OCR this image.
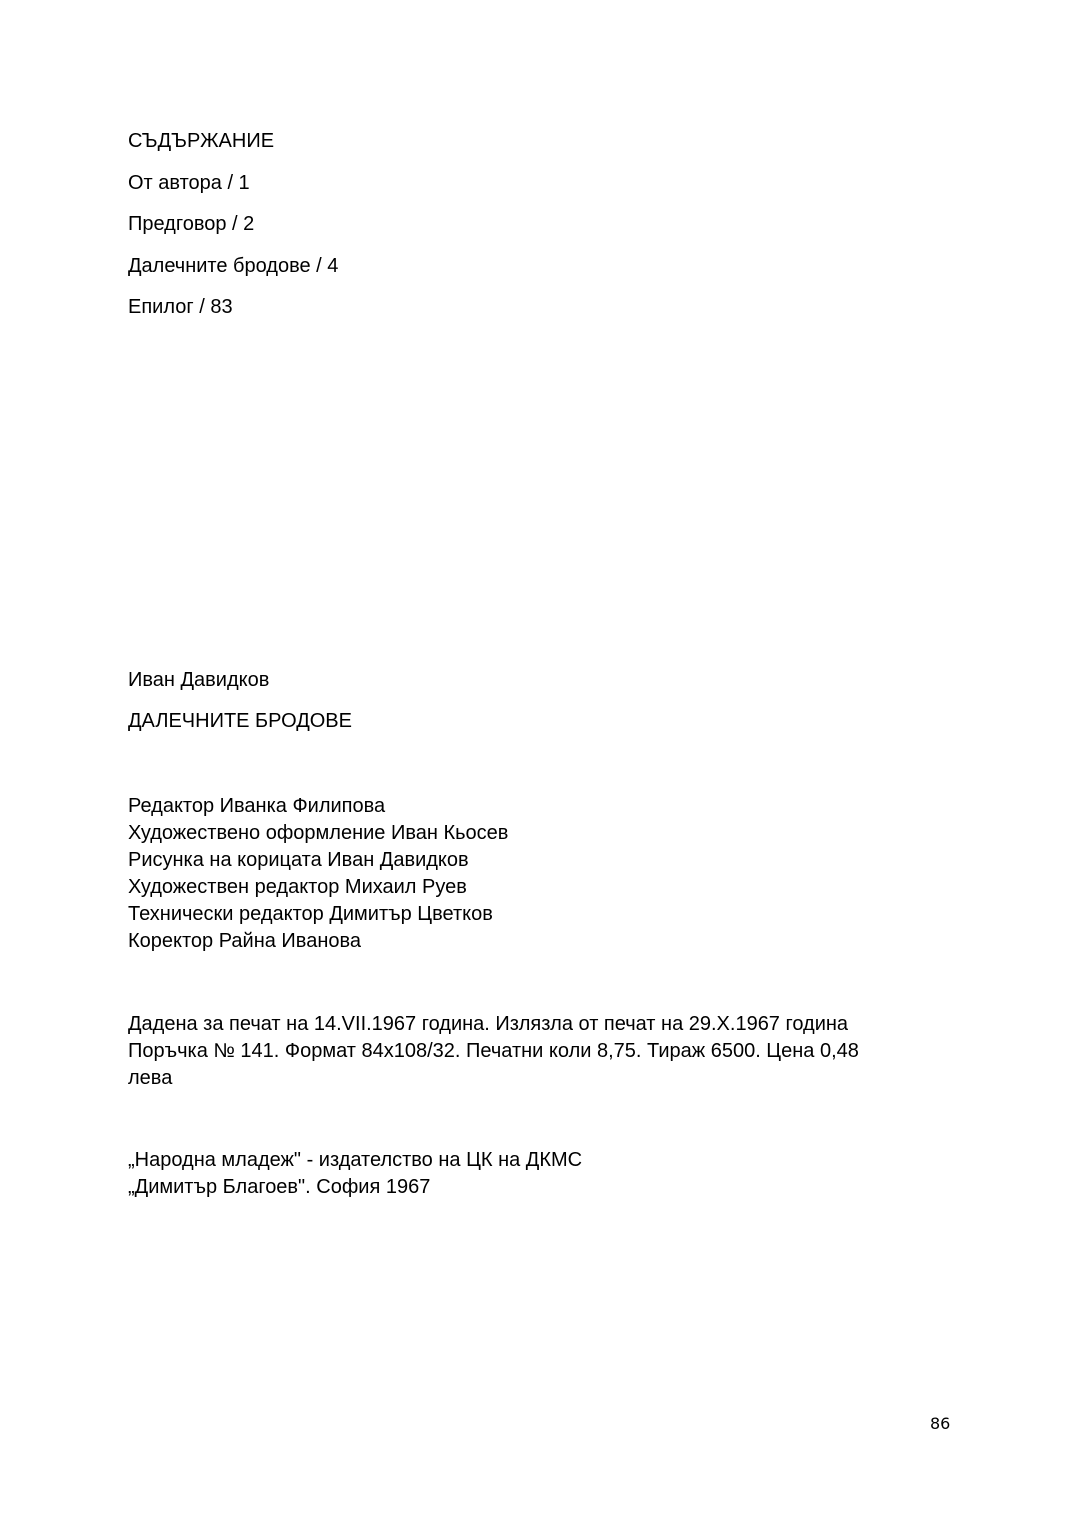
СЪДЪРЖАНИЕ
От автора / 1
Предговор / 2
Далечните бродове / 4
Епилог / 83
Иван Давидков
ДАЛЕЧНИТЕ БРОДОВЕ
Редактор Иванка Филипова
Художествено оформление Иван Кьосев
Рисунка на корицата Иван Давидков
Художествен редактор Михаил Руев
Технически редактор Димитър Цветков
Коректор Райна Иванова
Дадена за печат на 14.VII.1967 година. Излязла от печат на 29.X.1967 година
Поръчка № 141. Формат 84x108/32. Печатни коли 8,75. Тираж 6500. Цена 0,48
лева
„Народна младеж" - издателство на ЦК на ДКМС
„Димитър Благоев". София 1967
86
